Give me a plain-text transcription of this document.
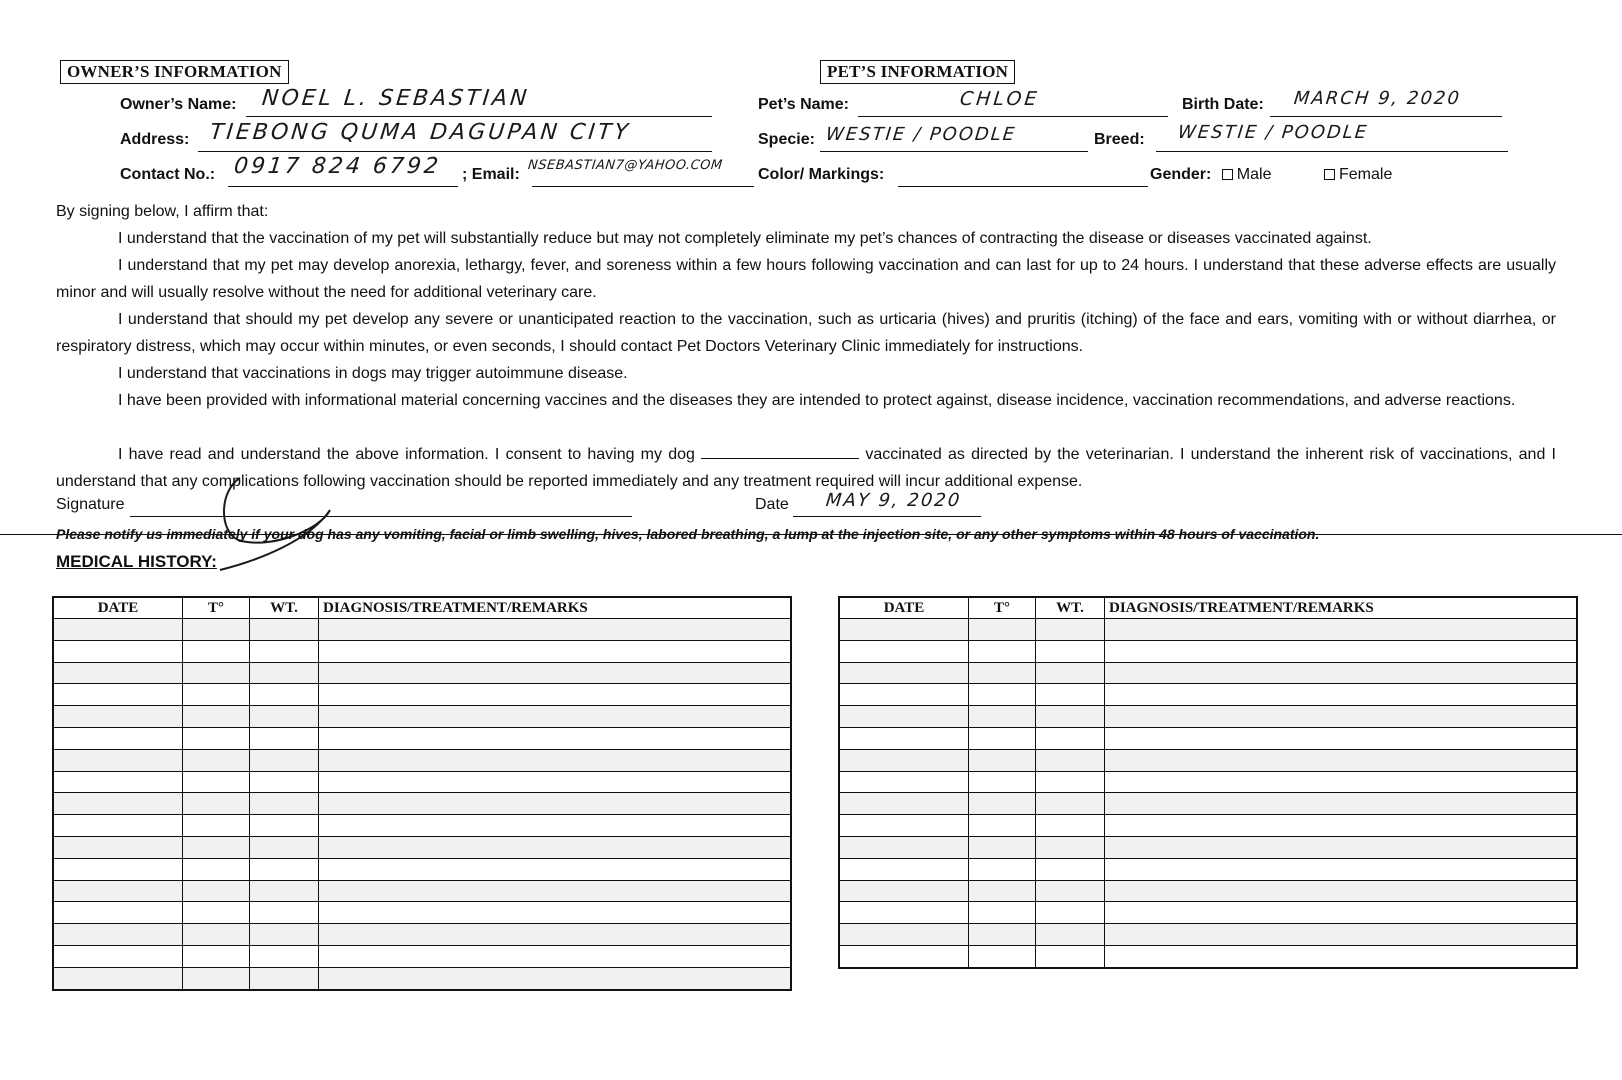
OWNER’S INFORMATION
Owner’s Name: NOEL L. SEBASTIAN
Address: TIEBONG QUMA DAGUPAN CITY
Contact No.: 0917 824 6792 ; Email:
NSEBASTIAN7@YAHOO.COM
PET’S INFORMATION
Pet’s Name:	CHLOE	Birth Date: MARCH 9, 2020
Specie: WESTIE / POODLE	Breed: WESTIE / POODLE
Color/ Markings:	Gender: Male	Female
By signing below, I affirm that:
I understand that the vaccination of my pet will substantially reduce but may not completely eliminate my pet’s chances of contracting the disease or diseases vaccinated against.
I understand that my pet may develop anorexia, lethargy, fever, and soreness within a few hours following vaccination and can last for up to 24 hours. I understand that these adverse effects are usually minor and will usually resolve without the need for additional veterinary care.
I understand that should my pet develop any severe or unanticipated reaction to the vaccination, such as urticaria (hives) and pruritis (itching) of the face and ears, vomiting with or without diarrhea, or respiratory distress, which may occur within minutes, or even seconds, I should contact Pet Doctors Veterinary Clinic immediately for instructions.
I understand that vaccinations in dogs may trigger autoimmune disease.
I have been provided with informational material concerning vaccines and the diseases they are intended to protect against, disease incidence, vaccination recommendations, and adverse reactions.
I have read and understand the above information. I consent to having my dog	vaccinated as directed by the veterinarian. I understand the inherent risk of vaccinations, and I understand that any complications following vaccination should be reported immediately and any treatment required will incur additional expense.
Signature	Date MAY 9, 2020
Please notify us immediately if your dog has any vomiting, facial or limb swelling, hives, labored breathing, a lump at the injection site, or any other symptoms within 48 hours of vaccination.
MEDICAL HISTORY:
DATE	T°	WT.	DIAGNOSIS/TREATMENT/REMARKS

				DATE	T°	WT.	DIAGNOSIS/TREATMENT/REMARKS
